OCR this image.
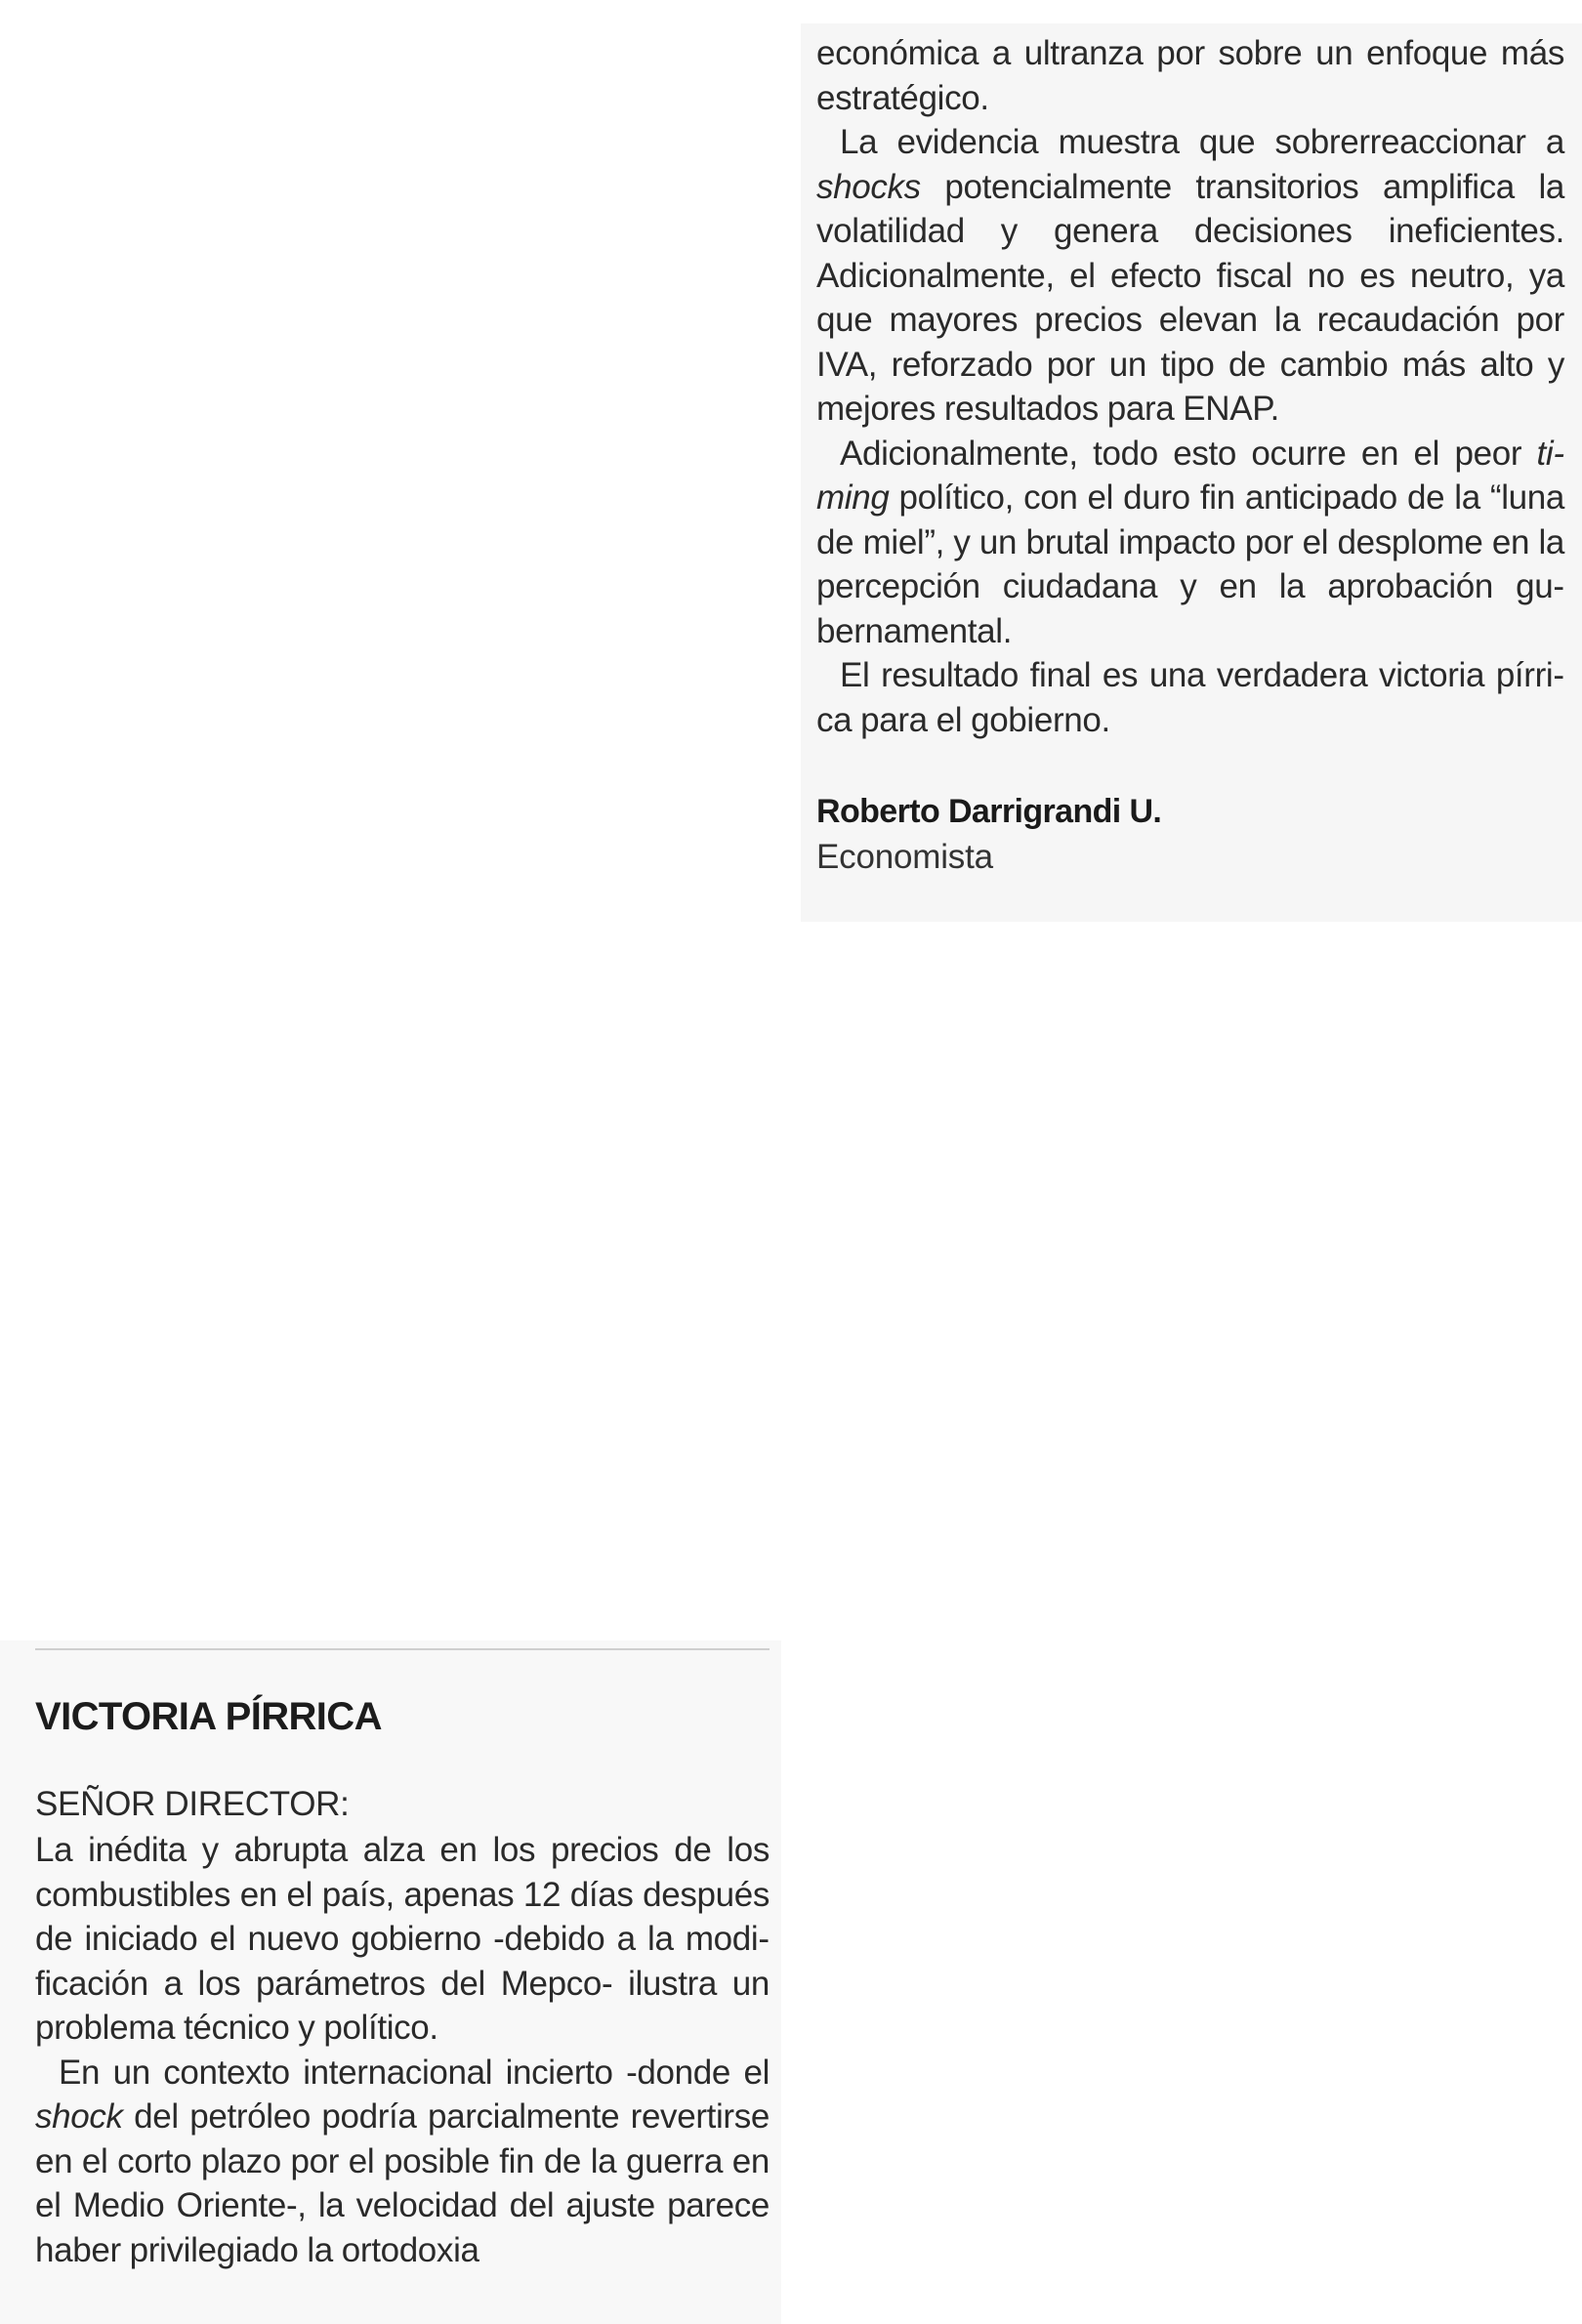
económica a ultranza por sobre un enfoque más estratégico.

La evidencia muestra que sobrerreaccionar a shocks potencialmente transitorios amplifica la volatilidad y genera decisiones ineficientes. Adicionalmente, el efecto fiscal no es neutro, ya que mayores precios elevan la recaudación por IVA, reforzado por un tipo de cambio más alto y mejores resultados para ENAP.

Adicionalmente, todo esto ocurre en el peor timing político, con el duro fin anticipado de la “luna de miel”, y un brutal impacto por el desplome en la percepción ciudadana y en la aprobación gubernamental.

El resultado final es una verdadera victoria pírrica para el gobierno.

Roberto Darrigrandi U.
Economista
VICTORIA PÍRRICA
SEÑOR DIRECTOR:

La inédita y abrupta alza en los precios de los combustibles en el país, apenas 12 días después de iniciado el nuevo gobierno -debido a la modificación a los parámetros del Mepco- ilustra un problema técnico y político.

En un contexto internacional incierto -donde el shock del petróleo podría parcialmente revertirse en el corto plazo por el posible fin de la guerra en el Medio Oriente-, la velocidad del ajuste parece haber privilegiado la ortodoxia
